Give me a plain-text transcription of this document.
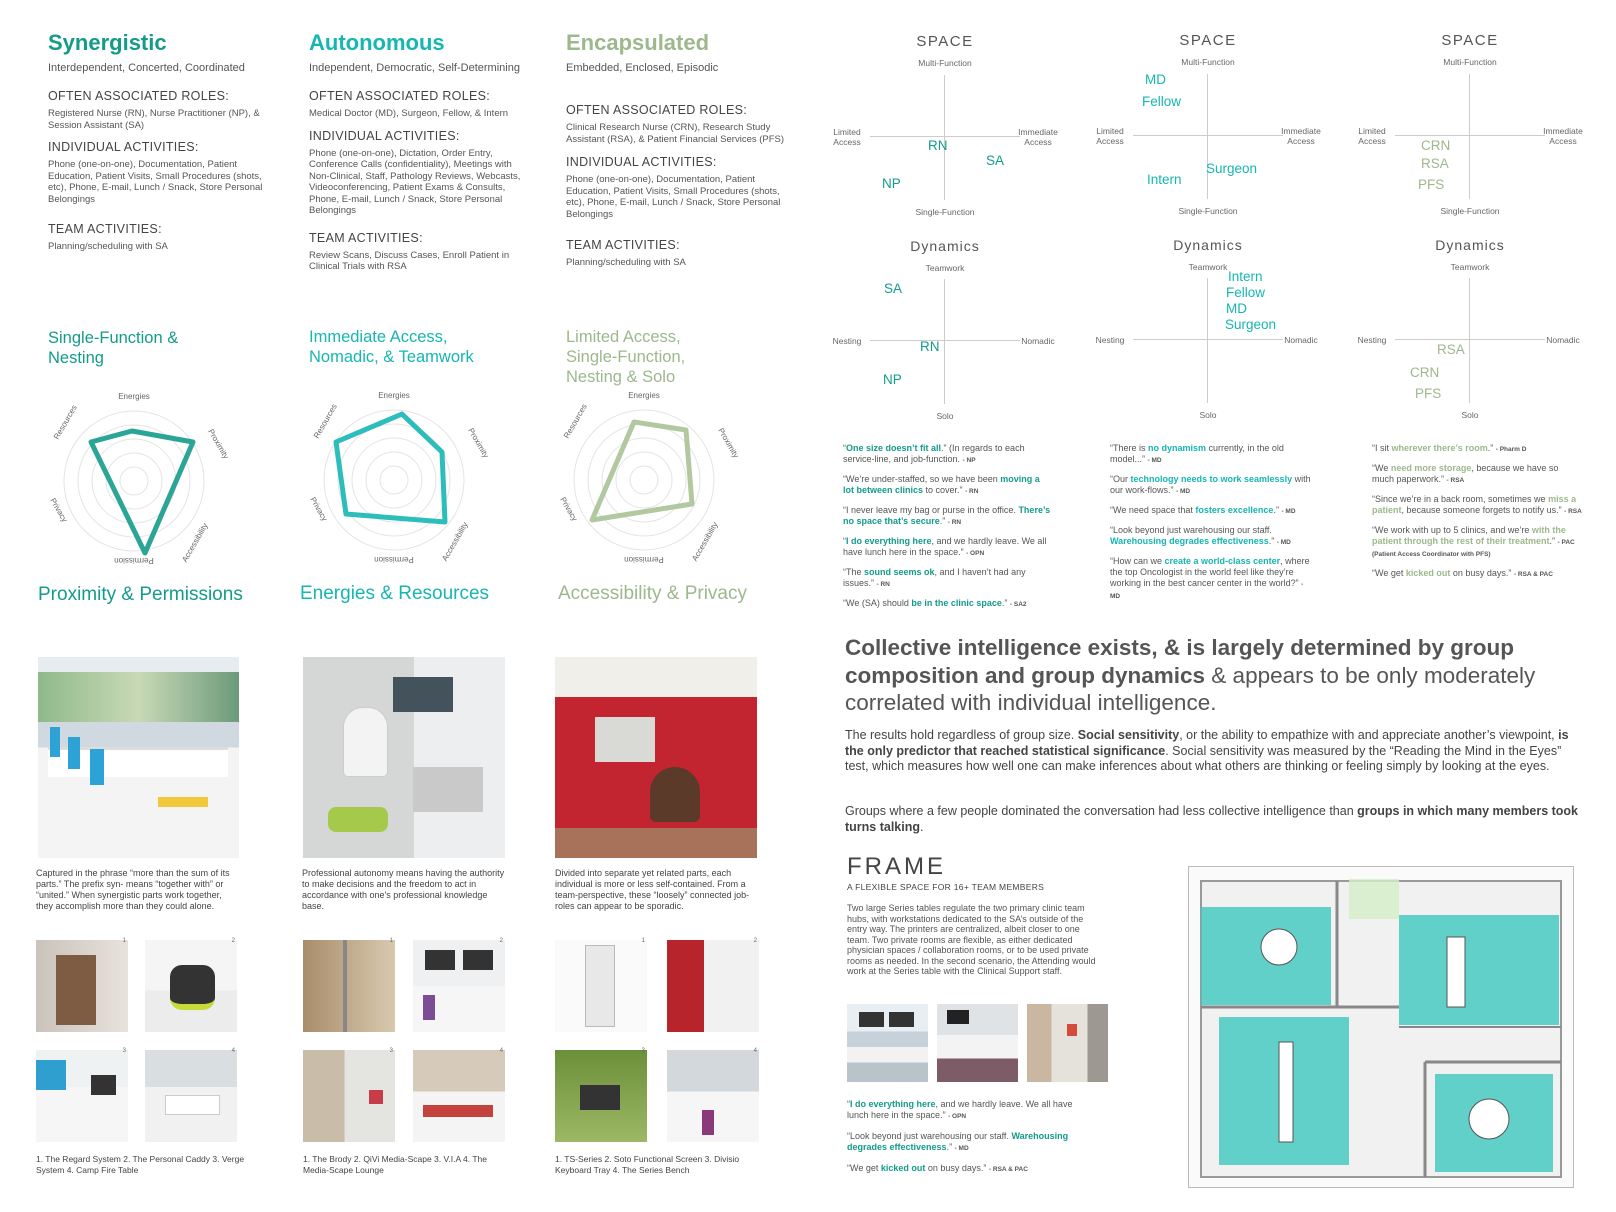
Synergistic
Interdependent, Concerted, Coordinated
OFTEN ASSOCIATED ROLES:
Registered Nurse (RN), Nurse Practitioner (NP), & Session Assistant (SA)
INDIVIDUAL ACTIVITIES:
Phone (one-on-one), Documentation, Patient Education, Patient Visits, Small Procedures (shots, etc), Phone, E-mail, Lunch / Snack, Store Personal Belongings
TEAM ACTIVITIES:
Planning/scheduling with SA
Autonomous
Independent, Democratic, Self-Determining
OFTEN ASSOCIATED ROLES:
Medical Doctor (MD), Surgeon, Fellow, & Intern
INDIVIDUAL ACTIVITIES:
Phone (one-on-one), Dictation, Order Entry, Conference Calls (confidentiality), Meetings with Non-Clinical, Staff, Pathology Reviews, Webcasts, Videoconferencing, Patient Exams & Consults, Phone, E-mail, Lunch / Snack, Store Personal Belongings
TEAM ACTIVITIES:
Review Scans, Discuss Cases, Enroll Patient in Clinical Trials with RSA
Encapsulated
Embedded, Enclosed, Episodic
OFTEN ASSOCIATED ROLES:
Clinical Research Nurse (CRN), Research Study Assistant (RSA), & Patient Financial Services (PFS)
INDIVIDUAL ACTIVITIES:
Phone (one-on-one), Documentation, Patient Education, Patient Visits, Small Procedures (shots, etc), Phone, E-mail, Lunch / Snack, Store Personal Belongings
TEAM ACTIVITIES:
Planning/scheduling with SA
Single-Function & Nesting
Immediate Access, Nomadic, & Teamwork
Limited Access, Single-Function, Nesting & Solo
Energies
Proximity
Accessibility
Permission
Privacy
Resources
Energies
Proximity
Accessibility
Permission
Privacy
Resources
Energies
Proximity
Accessibility
Permission
Privacy
Resources
Proximity & Permissions	Energies & Resources	Accessibility & Privacy
SPACE
Multi-Function
Limited Access
Immediate Access
Single-Function
RN
SA
NP
SPACE
Multi-Function
Limited Access
Immediate Access
Single-Function
MD
Fellow
Surgeon
Intern
SPACE
Multi-Function
Limited Access
Immediate Access
Single-Function
CRN
RSA
PFS
Dynamics
Teamwork
Nesting	Nomadic
Solo
SA
RN
NP
Dynamics
Teamwork
Nesting	Nomadic
Solo
Intern
Fellow
MD
Surgeon
Dynamics
Teamwork
Nesting	Nomadic
Solo
RSA
CRN
PFS
“One size doesn’t fit all.” (In regards to each service-line, and job-function. - NP
“We’re under-staffed, so we have been moving a lot between clinics to cover.” - RN
“I never leave my bag or purse in the office. There’s no space that’s secure.” - RN
“I do everything here, and we hardly leave. We all have lunch here in the space.” - OPN
“The sound seems ok, and I haven’t had any issues.” - RN
“We (SA) should be in the clinic space.” - SA2
“There is no dynamism currently, in the old model...” - MD
“Our technology needs to work seamlessly with our work-flows.” - MD
“We need space that fosters excellence.” - MD
“Look beyond just warehousing our staff. Warehousing degrades effectiveness.” - MD
“How can we create a world-class center, where the top Oncologist in the world feel like they’re working in the best cancer center in the world?” - MD
“I sit wherever there’s room.” - Pharm D
“We need more storage, because we have so much paperwork.” - RSA
“Since we’re in a back room, sometimes we miss a patient, because someone forgets to notify us.” - RSA
“We work with up to 5 clinics, and we’re with the patient through the rest of their treatment.” - PAC (Patient Access Coordinator with PFS)
“We get kicked out on busy days.” - RSA & PAC
Collective intelligence exists, & is largely determined by group composition and group dynamics & appears to be only moderately correlated with individual intelligence.
The results hold regardless of group size. Social sensitivity, or the ability to empathize with and appreciate another’s viewpoint, is the only predictor that reached statistical significance. Social sensitivity was measured by the “Reading the Mind in the Eyes” test, which measures how well one can make inferences about what others are thinking or feeling simply by looking at the eyes.
Groups where a few people dominated the conversation had less collective intelligence than groups in which many members took turns talking.
FRAME
A FLEXIBLE SPACE FOR 16+ TEAM MEMBERS
Two large Series tables regulate the two primary clinic team hubs, with workstations dedicated to the SA’s outside of the entry way. The printers are centralized, albeit closer to one team. Two private rooms are flexible, as either dedicated physician spaces / collaboration rooms, or to be used private rooms as needed. In the second scenario, the Attending would work at the Series table with the Clinical Support staff.
“I do everything here, and we hardly leave. We all have lunch here in the space.” - OPN
“Look beyond just warehousing our staff. Warehousing degrades effectiveness.” - MD
“We get kicked out on busy days.” - RSA & PAC
Captured in the phrase “more than the sum of its parts.” The prefix syn- means “together with” or “united.” When synergistic parts work together, they accomplish more than they could alone.
Professional autonomy means having the authority to make decisions and the freedom to act in accordance with one's professional knowledge base.
Divided into separate yet related parts, each individual is more or less self-contained. From a team-perspective, these “loosely” connected job-roles can appear to be sporadic.
1	2
3	4
1. The Regard System 2. The Personal Caddy 3. Verge System 4. Camp Fire Table
1	2
3	4
1. The Brody 2. QiVi Media-Scape 3. V.I.A 4. The Media-Scape Lounge
1	2
3	4
1. TS-Series 2. Soto Functional Screen 3. Divisio Keyboard Tray 4. The Series Bench
